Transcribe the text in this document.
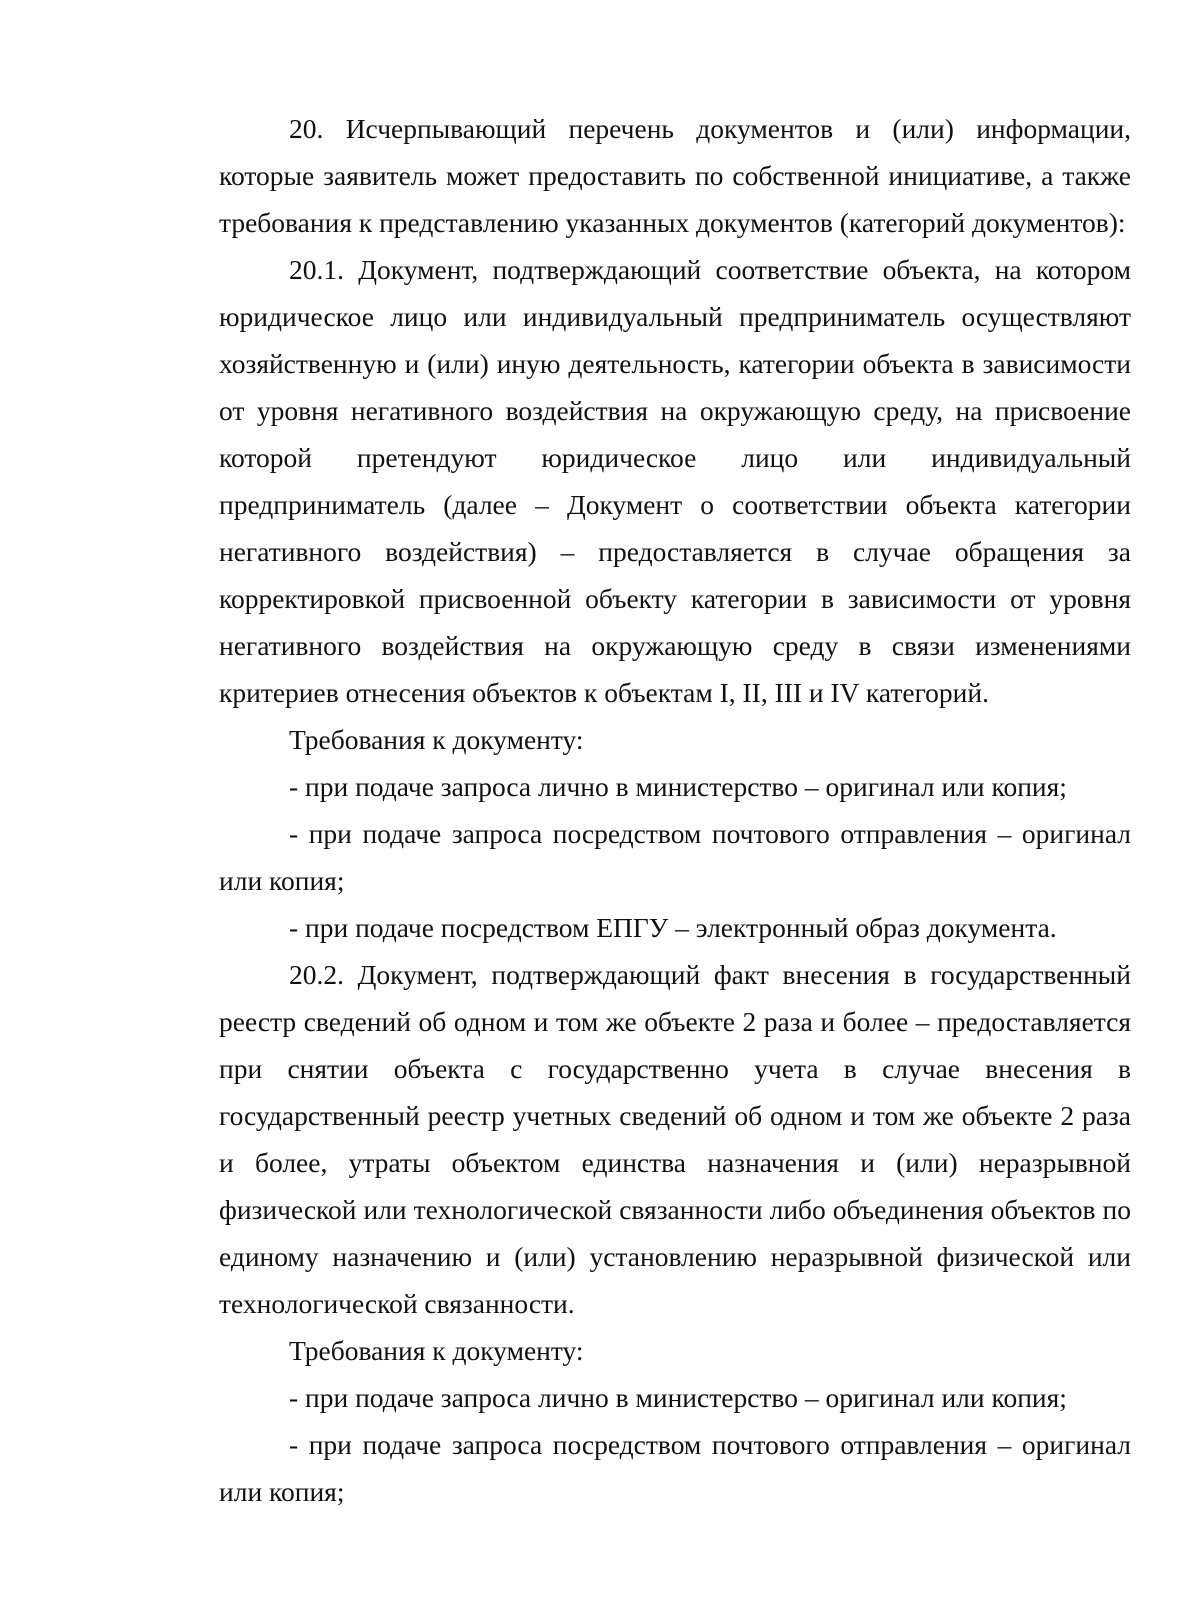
20. Исчерпывающий перечень документов и (или) информации, которые заявитель может предоставить по собственной инициативе, а также требования к представлению указанных документов (категорий документов):

20.1. Документ, подтверждающий соответствие объекта, на котором юридическое лицо или индивидуальный предприниматель осуществляют хозяйственную и (или) иную деятельность, категории объекта в зависимости от уровня негативного воздействия на окружающую среду, на присвоение которой претендуют юридическое лицо или индивидуальный предприниматель (далее – Документ о соответствии объекта категории негативного воздействия) – предоставляется в случае обращения за корректировкой присвоенной объекту категории в зависимости от уровня негативного воздействия на окружающую среду в связи изменениями критериев отнесения объектов к объектам I, II, III и IV категорий.

Требования к документу:

- при подаче запроса лично в министерство – оригинал или копия;

- при подаче запроса посредством почтового отправления – оригинал или копия;

- при подаче посредством ЕПГУ – электронный образ документа.

20.2. Документ, подтверждающий факт внесения в государственный реестр сведений об одном и том же объекте 2 раза и более – предоставляется при снятии объекта с государственно учета в случае внесения в государственный реестр учетных сведений об одном и том же объекте 2 раза и более, утраты объектом единства назначения и (или) неразрывной физической или технологической связанности либо объединения объектов по единому назначению и (или) установлению неразрывной физической или технологической связанности.

Требования к документу:

- при подаче запроса лично в министерство – оригинал или копия;

- при подаче запроса посредством почтового отправления – оригинал или копия;
